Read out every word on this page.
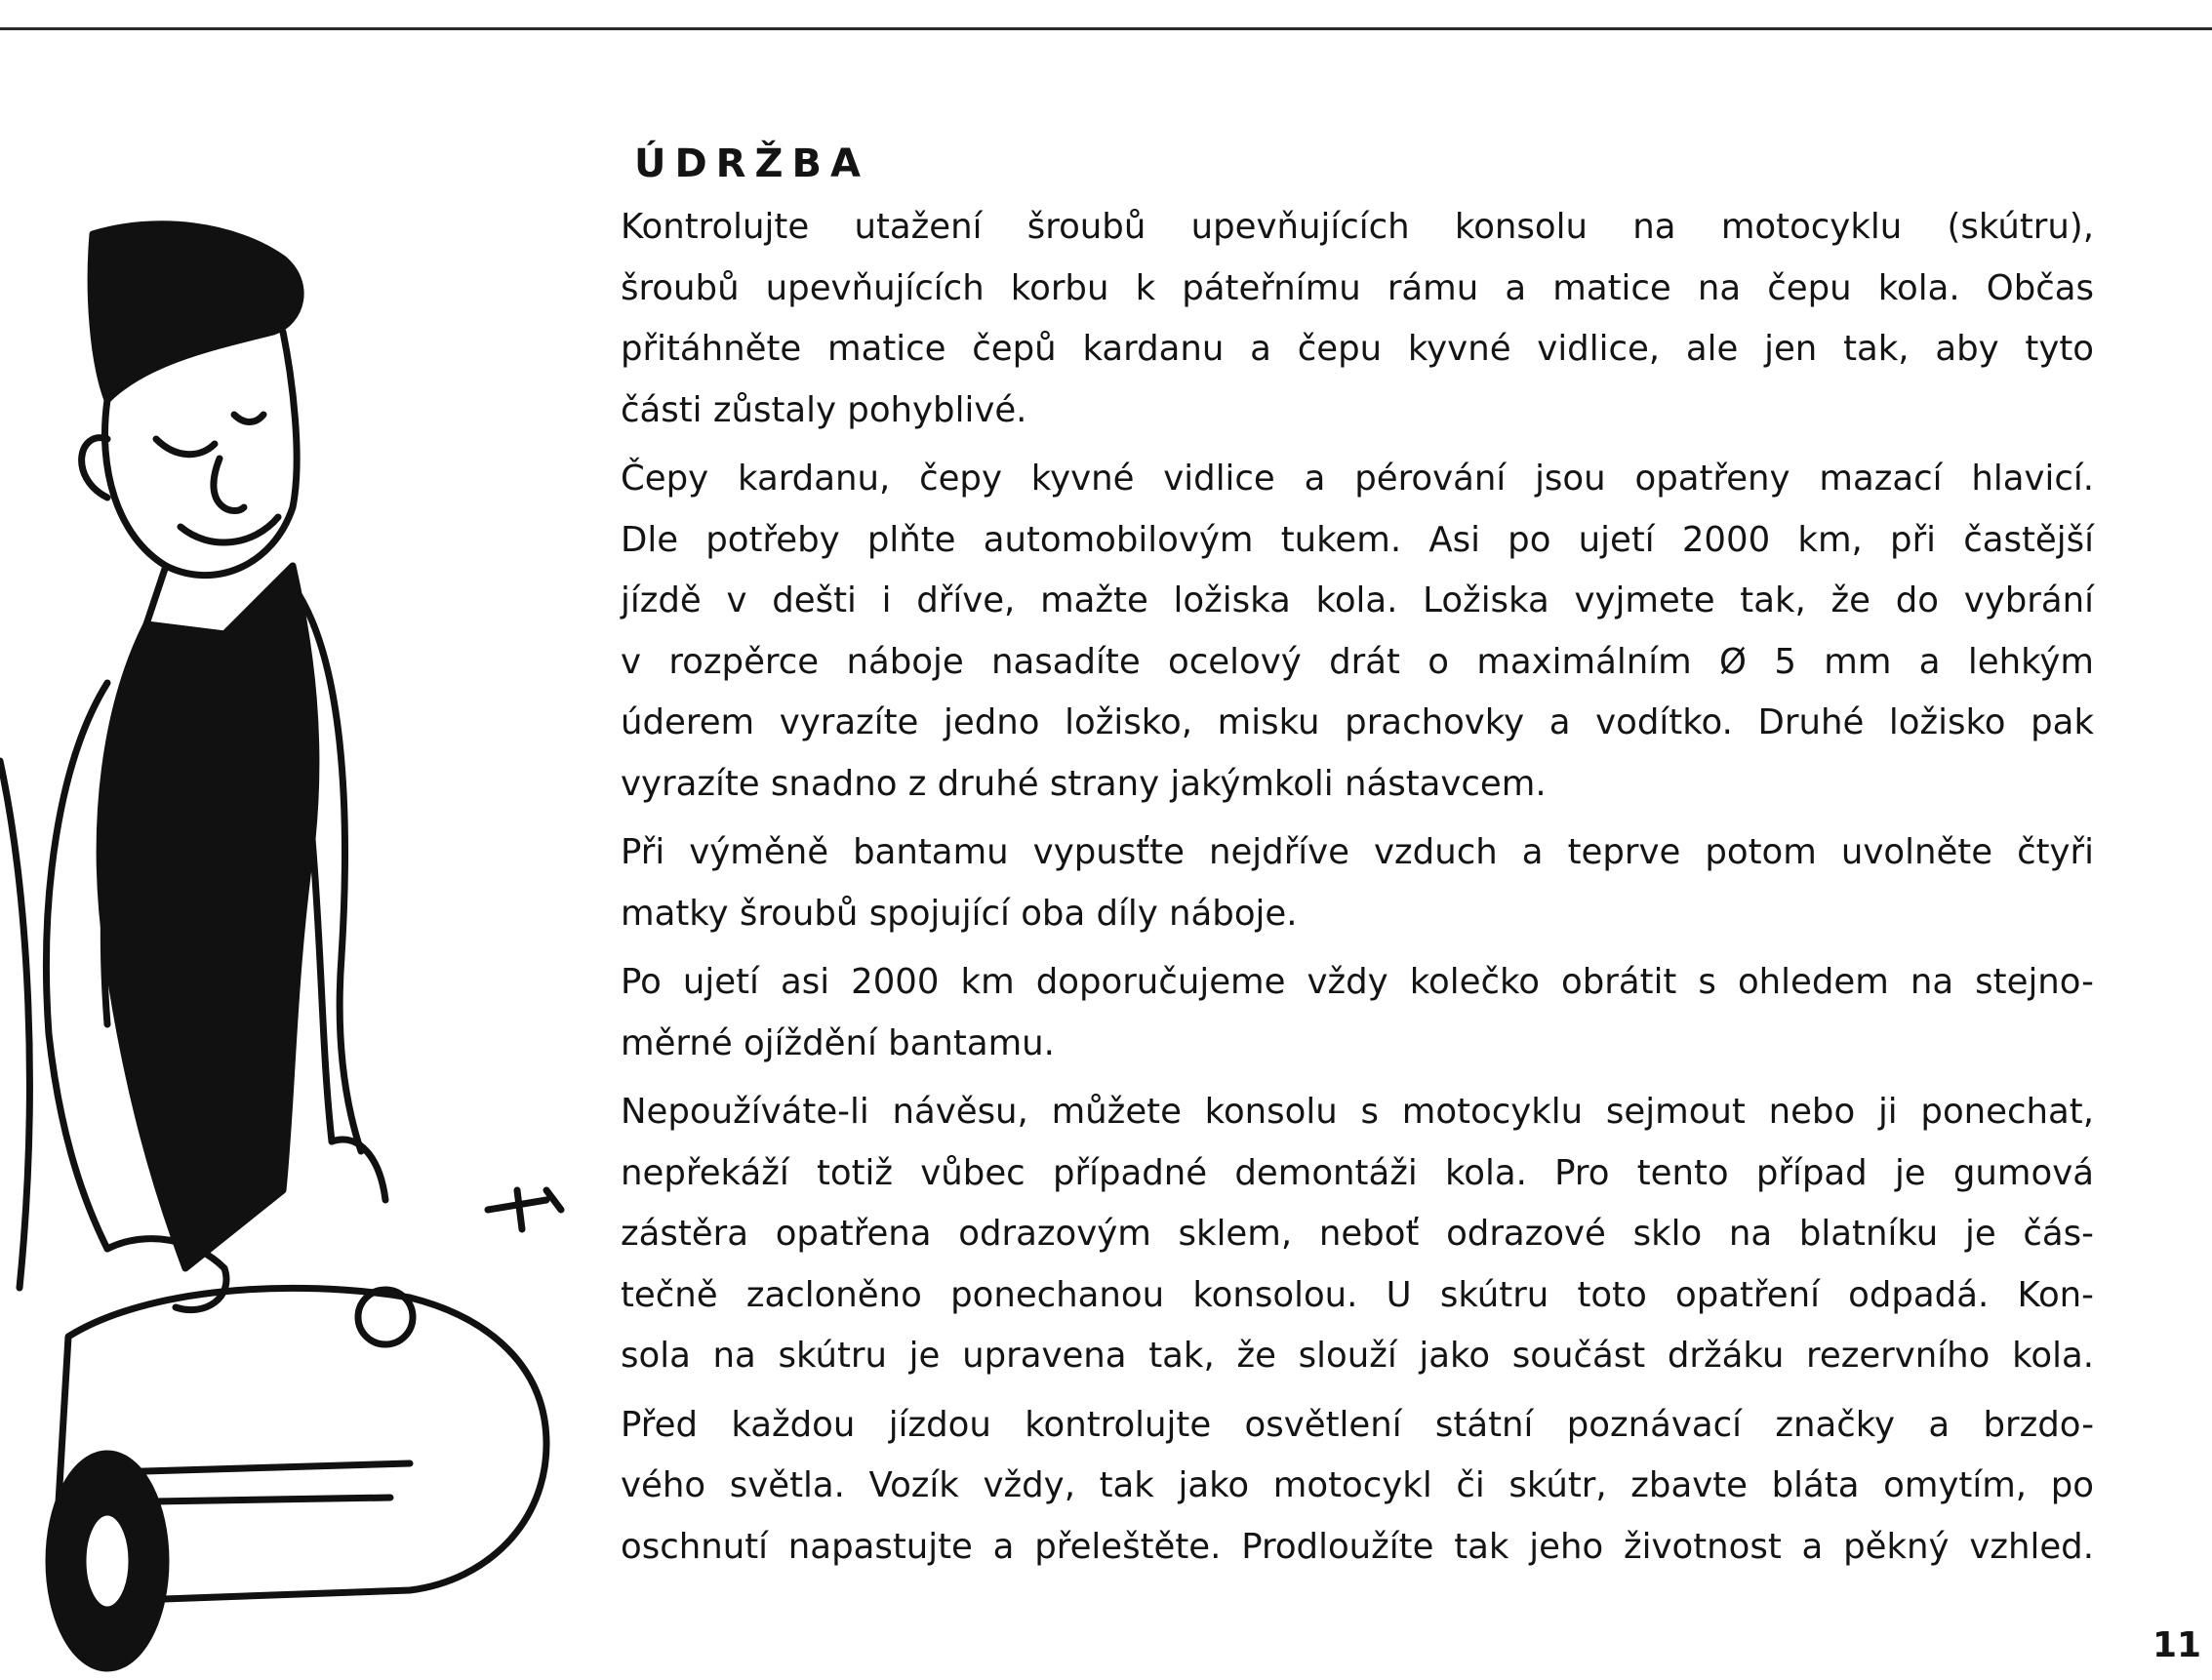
ÚDRŽBA
Kontrolujte utažení šroubů upevňujících konsolu na motocyklu (skútru),
šroubů upevňujících korbu k páteřnímu rámu a matice na čepu kola. Občas
přitáhněte matice čepů kardanu a čepu kyvné vidlice, ale jen tak, aby tyto
části zůstaly pohyblivé.
Čepy kardanu, čepy kyvné vidlice a pérování jsou opatřeny mazací hlavicí.
Dle potřeby plňte automobilovým tukem. Asi po ujetí 2000 km, při častější
jízdě v dešti i dříve, mažte ložiska kola. Ložiska vyjmete tak, že do vybrání
v rozpěrce náboje nasadíte ocelový drát o maximálním Ø 5 mm a lehkým
úderem vyrazíte jedno ložisko, misku prachovky a vodítko. Druhé ložisko pak
vyrazíte snadno z druhé strany jakýmkoli nástavcem.
Při výměně bantamu vypusťte nejdříve vzduch a teprve potom uvolněte čtyři
matky šroubů spojující oba díly náboje.
Po ujetí asi 2000 km doporučujeme vždy kolečko obrátit s ohledem na stejno-
měrné ojíždění bantamu.
Nepoužíváte-li návěsu, můžete konsolu s motocyklu sejmout nebo ji ponechat,
nepřekáží totiž vůbec případné demontáži kola. Pro tento případ je gumová
zástěra opatřena odrazovým sklem, neboť odrazové sklo na blatníku je čás-
tečně zacloněno ponechanou konsolou. U skútru toto opatření odpadá. Kon-
sola na skútru je upravena tak, že slouží jako součást držáku rezervního kola.
Před každou jízdou kontrolujte osvětlení státní poznávací značky a brzdo-
vého světla. Vozík vždy, tak jako motocykl či skútr, zbavte bláta omytím, po
oschnutí napastujte a přeleštěte. Prodloužíte tak jeho životnost a pěkný vzhled.
11
